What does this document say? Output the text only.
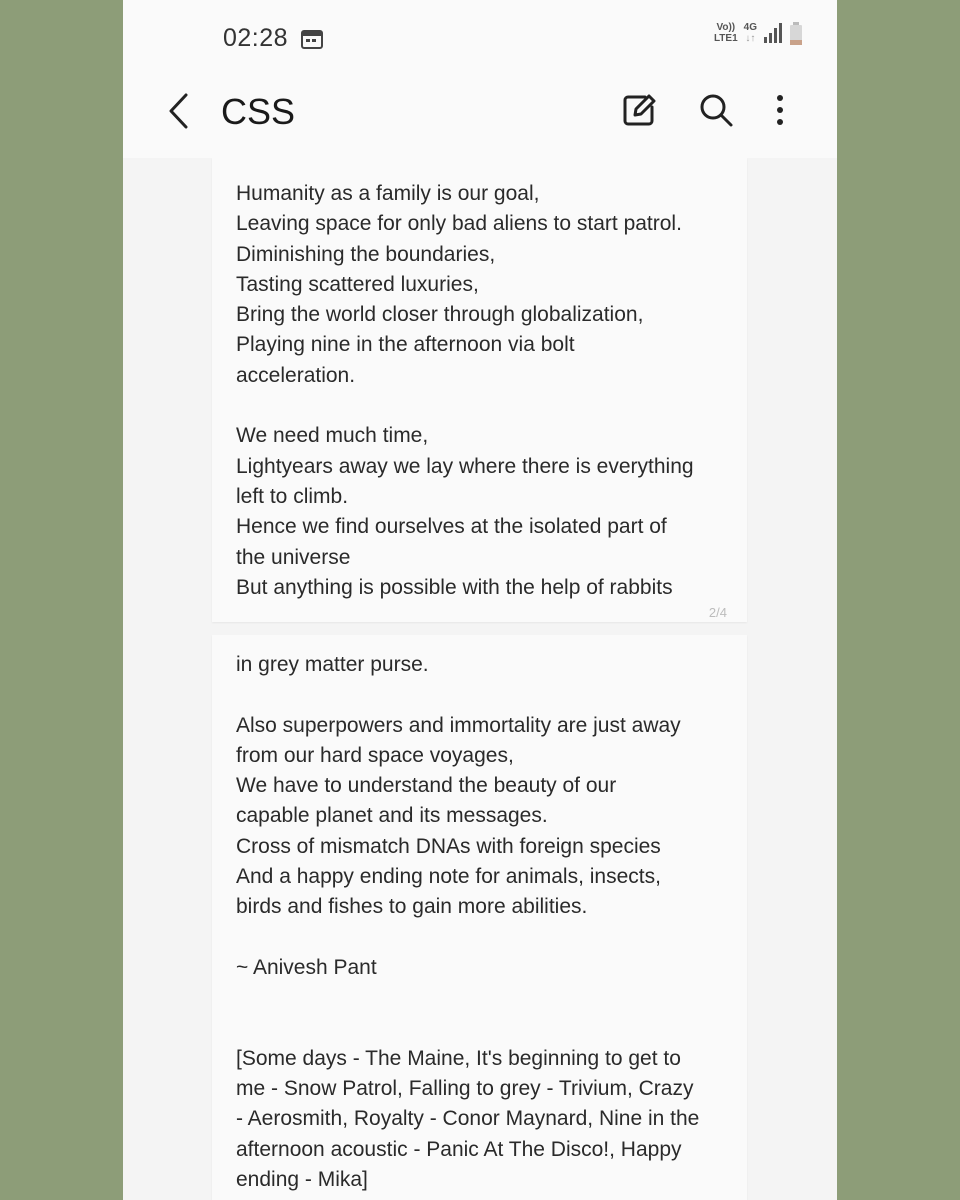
02:28	Vo))
LTE1
4G
↓↑
CSS
Humanity as a family is our goal,
Leaving space for only bad aliens to start patrol.
Diminishing the boundaries,
Tasting scattered luxuries,
Bring the world closer through globalization,
Playing nine in the afternoon via bolt
acceleration.

We need much time,
Lightyears away we lay where there is everything
left to climb.
Hence we find ourselves at the isolated part of
the universe
But anything is possible with the help of rabbits
2/4
in grey matter purse.

Also superpowers and immortality are just away
from our hard space voyages,
We have to understand the beauty of our
capable planet and its messages.
Cross of mismatch DNAs with foreign species
And a happy ending note for animals, insects,
birds and fishes to gain more abilities.

~ Anivesh Pant

[Some days - The Maine, It's beginning to get to
me - Snow Patrol, Falling to grey - Trivium, Crazy
- Aerosmith, Royalty - Conor Maynard, Nine in the
afternoon acoustic - Panic At The Disco!, Happy
ending - Mika]
